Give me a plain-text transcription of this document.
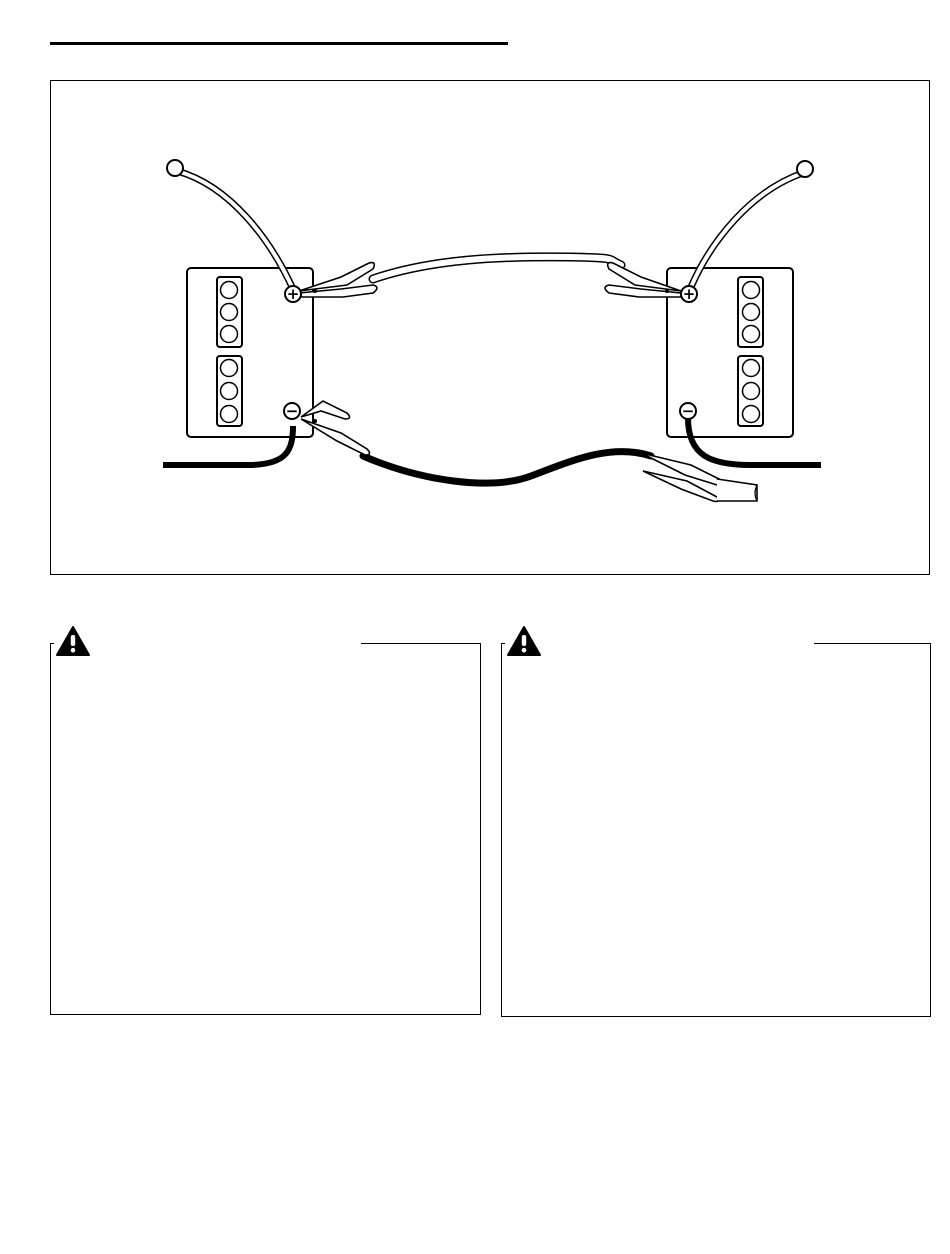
+	+
−	−
